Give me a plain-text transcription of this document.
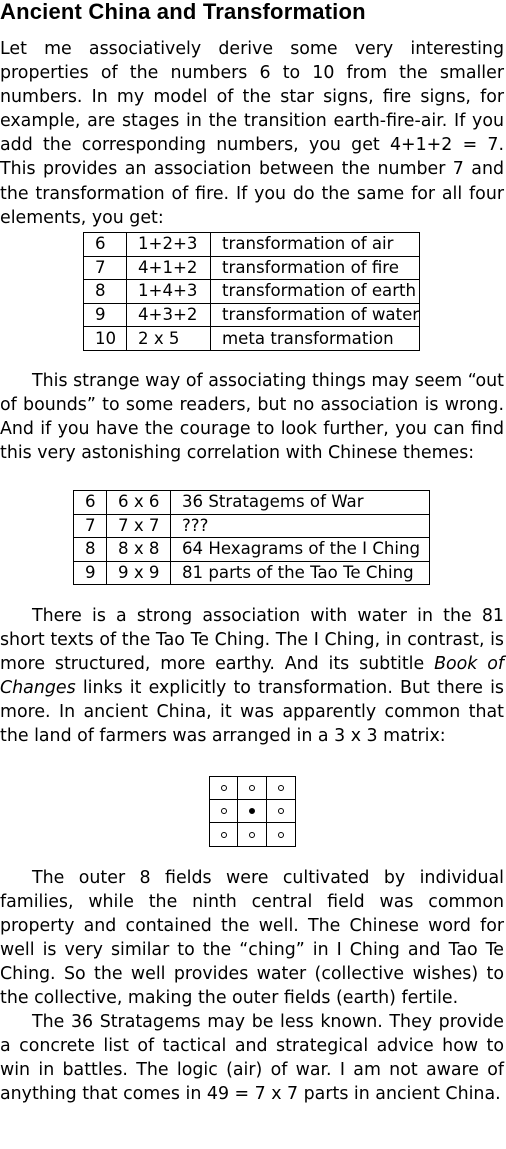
Ancient China and Transformation

Let me associatively derive some very interesting properties of the numbers 6 to 10 from the smaller numbers. In my model of the star signs, fire signs, for example, are stages in the transition earth-fire-air. If you add the corresponding numbers, you get 4+1+2 = 7. This provides an association between the number 7 and the transformation of fire. If you do the same for all four elements, you get:

6	1+2+3	transformation of air
7	4+1+2	transformation of fire
8	1+4+3	transformation of earth
9	4+3+2	transformation of water
10	2 x 5	meta transformation

This strange way of associating things may seem “out of bounds” to some readers, but no association is wrong. And if you have the courage to look further, you can find this very astonishing correlation with Chinese themes:

6	6 x 6	36 Stratagems of War
7	7 x 7	???
8	8 x 8	64 Hexagrams of the I Ching
9	9 x 9	81 parts of the Tao Te Ching

There is a strong association with water in the 81 short texts of the Tao Te Ching. The I Ching, in contrast, is more structured, more earthy. And its subtitle Book of Changes links it explicitly to transformation. But there is more. In ancient China, it was apparently common that the land of farmers was arranged in a 3 x 3 matrix:

The outer 8 fields were cultivated by individual families, while the ninth central field was common property and contained the well. The Chinese word for well is very similar to the “ching” in I Ching and Tao Te Ching. So the well provides water (collective wishes) to the collective, making the outer fields (earth) fertile.

The 36 Stratagems may be less known. They provide a concrete list of tactical and strategical advice how to win in battles. The logic (air) of war. I am not aware of anything that comes in 49 = 7 x 7 parts in ancient China.
